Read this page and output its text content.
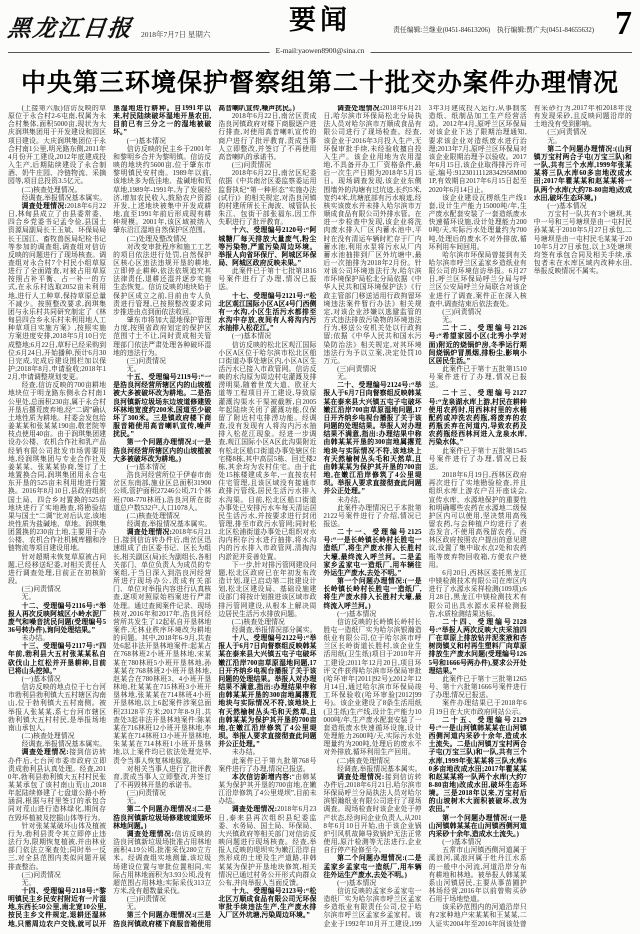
黑龙江日报 2018年7月7日 星期六	要闻
E-mail:yaowen8900@sina.cn
责任编辑:兰继业(0451-84613206)　执行编辑:贾广夫(0451-84655632) 7
中央第三环境保护督察组第二十批交办案件办理情况

(上接第六版)信访反映的草原位于永合村2-6屯南,权属为永合村集体,面积5000亩,现状为大庆润琪集团用于开发建设和园区项目建设。大庆润琪集团位于永合村南1公里,明光路东侧,2011年4月份开工建设,2012年底建成投入生产,后期陆续建设了永合制酒、奶牛庄园、冷链物流、采摘园等,项目总投资3.5亿元。

(二)核查处理情况。

经调查,举报情况基本属实。

调查处理情况:2018年6月22日,林甸县成立了由县委常委、四合乡党委书记孟令俭,县国土资源局副局长王玉斌、环保局局长王国江、畜牧兽医局纪检书记等参加的调查组,调查组对信访反映的问题进行了现场核查。调查组对永合村7个村民小组草原进行了全面踏查,对被占用草原按照占补平衡、占一补一的方式,在永乐村选取2052亩未利用地,进行人工种草,保持草原总量不减少。按照整改要求,润琪集团与永乐村共同研究制定了《林甸县四合乡永乐村未利用地人工种草项目实施方案》,按照实施方案进度安排,2018年5月10日完成整地;6月22日,草籽已经采购到位;6月24日,开始播种,预计6月30日完成,完成后建设围栏加以保护;2018年8月,申请验收;2018年12月,申请调整规划变更。

经查,信访反映的700亩耕地地块位于明龙路东侧永合村南1公里处,总面积230亩,属于永合村开垦后撂荒废弃地,经“二调”确认土地性质为耕地。村委会发包给姜某某和张某某190亩,敬老院等枝点使用40亩。由于润琪集团建设办公楼、农机合作社和乳产品经销有限公司批发市场需要用地,经润琪集团与专业合作社及姜某某、张某某协商,签订了土地置换合同,润琪集团用永合屯东开垦的525亩未利用地进行置换。2016年8月10日,县政府组织国土局、四合乡对置换的525亩地块进行了实地勘查,将勘验结果与国土“二调”比对后认定,该地块性质为盐碱地、草地。润琪集团置换的230亩土地,主要用于办公楼、农机合作社机械库棚和冷链物流等项目建设用地。

针对超期未恢复草原被占问题,已经移送纪委,对相关责任人进行调查处理,目前正在初核阶段。

(三)问责情况

无。

十二、受理编号2116号:“举报人再次反映阿城区小岭水泥厂废气和噪音扰民问题(受理编号536号转办件),询问处理结果。”

未办结。

十三、受理编号2117号:“四年前,勃利县大五村张某某私自砍伐山上红松并开垦耕种,目前已将山头挖掉。”

(一)基本情况

信访反映的地点位于七台河市勃利县勃利镇大五村辖区沟南山,位于勃利镇大五村南侧。被举报人张某某,系七台河市辖区勃利镇大五村村民,是举报场地南山承包人。

(二)核查处理情况

经调查,举报情况基本属实。

调查处理情况:接到信访转办件后,七台河市委市政府立即责成勃利县认真处理。经查,2010年,勃利县勃利镇大五村村民张某某承包了该村南山荒山,2018年起陆续修建了七盘道公路小桥涵洞,根据与村里签订的承包合同对荒山进行造林绿化,期间存在毁坏植被及挖掘山体等行为。

针对张某某破坏山体及植被行为,勃利县责令其立即停止违法行为,限期恢复植被,并由林业部门依法立案查处;同时举一反三,对全县范围内类似问题开展排查整治。

(三)问责情况

无。

十四、受理编号2118号:“黎明镇民主乡民安村附近有一片湿地,东西长50公里,南北宽10公里,按民主乡文件规定,退耕还湿林地,只需周边农户交钱,就可以开垦湿地进行耕种。自1991年以来,村民陆续破坏湿地开垦农田,目前已有三分之一的湿地被破坏。”

(一)基本情况

信访反映的民主乡于2001年和黎明乡合并为黎明镇。信访反映的地块约5600亩,位于肇东市黎明镇民安村南。1989年以前,该地块多为低洼地、盐碱地和荒草地,1989年-1991年,为了发展经济,增加农民收入,鼓励农户资源开发,上述地块被集中开发成耕地,直至1991年前后形成现有耕种规模。2001年,该区域被纳入肇东沿江湿地自然保护区范围。

(二)处理及整改情况

对改变审批程序和施工工艺的项目依法进行处罚,自然保护区核心区违法违规开垦的耕地,立即停止耕种,依法依规追究其法律责任,退耕还湿并逐步实施生态恢复。信访反映的地块始于保护区成立之前,目前由专人负责进行管理,已按照整改要求同步推进由点到面依法收回。

肇东市将加大湿地保护管理力度,按照省政府划定的保护区范围寸土不让,同时责成相关管理部门依法严肃处理各种破坏湿地的违法行为。

(三)问责情况

无。

十五、受理编号2119号:“一是浩良河经营所辖区内的山坡植被大多被破坏改为耕地。二是浩良河镇新垃圾场东边坡道修建毁坏林地宽度约200米,国道至少破坏了300米。三是镇政府楼下商服音箱使用高音喇叭宣传,噪声扰民。”

第一个问题办理情况:(一是浩良河经营所辖区内的山坡植被大多被破坏改为耕地。)

(一)基本情况

浩良河经营所位于伊春市南岔区东南部,施业区总面积31900公顷,管护面积27246公顷,71个林班(708-770林班),浩良河所在街道总户数532户,人口1078人。

(二)核查处理情况

经调查,举报情况基本属实。

调查处理情况:2018年6月21日,接到信访转办件后,南岔区迅速组成了由区委书记、区长为组长,相关副区(局)长为副组长,各相关部门、单位负责人为成员的专案组,于当日深入到浩良河经营所进行现场办公,责成有关部门、单位对举报内容进行认真核查,逐项对照原始档案进行严肃处理。通过查阅案件记录、现场核对,2016年和2017年,浩良河经营所共发生了12起私自开垦林地案件,无林业秩序环境改为耕地的问题。其中,2018年6-9月,共查处6起非法开垦林地案件:起某占在768林班2小班开垦林地,宋某某在780林班5小班开垦林地,孙某某在768林班2小班开垦林地,赵某合在780林班3、4小班开垦林地,杜某某在715林班3小班开垦林地,张某某在714林班4小班开垦林地,以上6起案件涉案总面积23128平方米;2017年8-9月,共查处3起非法开垦林地案件:陈某某在716林班12小班开垦林地,李某某在714林班13小班开垦林地,朱某某在714林班1小班开垦林地,以上案件均已依法处理完毕,责令当事人恢复林地原貌。

对相关当事人进行了批评教育,责成当事人立即整改,并签订了不再毁林开垦的承诺书。

(三)问责情况

无。

第二个问题办理情况:(二是浩良河镇新垃圾场修建坡道毁坏林地问题。)

调查处理情况:信访反映的浩良河镇新垃圾场批准占用林地面积4.19公顷,批准采伐280立方米。经调查组实地测量,该垃圾场建设位置与审批位置相同,实际占用林地面积为3.93公顷,没有超范围占用林地;实际采伐313立方米,没有超数量采伐。

(三)问责情况

无。

第三个问题办理情况:(三是浩良河镇政府楼下商服音箱使用高音喇叭宣传,噪声扰民。)

2018年6月22日,南岔区责成浩良河镇政府对楼下商服逐户进行排查,对使用高音喇叭宣传的商户进行了批评教育,责成当事人立即整改,并签订了不再使用高音喇叭的承诺书。

(三)问责情况

2018年6月22日,南岔区纪委依据《中共南岔区委监察委运用监督执纪“第一种形态”实施办法(试行)》的相关规定,对浩良河镇的村建所所长王海波、城管队长朱江、包街干部张福东,因工作失职进行了批评教育。

十六、受理编号2120号:“阿城糖厂每天排放大量废气,粉尘等污染物,严重污染周边环境。举报人向省环保厅、阿城区环保局、阿城区政府反映未果。”

此案件已于第十七批第1816号案件进行了办理,情况已报送。

十七、受理编号2121号:“松北区观江国际小区A区4号门西侧有一水沟,小区生活污水都排至水沟中存放,夜间有人将沟内污水抽排入松花江。”

(一)基本情况

信访反映的松北区观江国际小区A区位于哈尔滨市松北区船口街道办事处辖区内,小区A区生活污水已接入市政管网。信访反映的水沟原为周边村屯灌溉及排涝明渠,随着世茂大道、欧亚大道等工程项目开工建设,导致原灌溉沟渠水干渠被截断,自2005年起陆续关闭了灌溉功能,仅保留了附近村屯排涝功能。经调查,没有发现有人将沟内污水抽排入松花江现象。经进一步调查,观江国际小区A区此沟渠附近有松北区船口街道办事处辖区住宅楼8栋,其中高层5栋、回迁楼2栋,其余均为农村住宅。由于此处15栋楼建成多年,一直按农村住宅管理,且该区域没有接通市政排污管线,居民生活污水排入水沟渠。目前,松北区船口街道办事处已安排污水车每天清运居民生活污水,并按要求进行封闭管理,排至市政污水管网;同时松北区松浦街道办事处已组织对水沟内积存污水进行抽排,将水沟内的污水排入市政管网,清掏沟内淤泥并妥善处置。

下一步,针对排污管网建设问题,松北区政府已在年初发布改造计划,现已启动第二批建设计划,松北区建设局、基础设施建设部门将按计划推进该区域市政排污管网建设,从根本上解决周边居民生活污水排放问题。

(二)核查处理情况

经调查,举报情况部分属实。

十八、受理编号2122号:“举报人于6月7日向督察组反映韩某某在泰来县大兴镇五屯子屯破坏嫩江沿岸700亩草原湿地问题,17日开齐纳乡电视台播报了关于该问题的处理结果。举报人对办理结果不满意,指出:办理结果中称由韩某某开垦的300亩地属撂荒地块与实际情况不符,该地块上有天然榆树丛头毛和天然草,且由韩某某为保护其开垦的700亩地,在嫩江沿岸修筑了4公里堤坝。举报人要求直接彻查此问题并公正处理。”

未办结。

此案件已于第九批第768号案件进行了办理,情况已报送。

本次信访新增内容:“由韩某某为保护其开垦的700亩地,在嫩江沿岸修筑了4公里堤坝”,目前未办结。

调查处理情况:2018年6月23日,泰来县再次组织县纪委监委、水务局、国土局、环保局、大兴镇政府等相关部门对信访反映问题进行现场核查。经查,举报人反映的堤坝实为嫩江沿岸自然形成的土埂及生产道路,非韩某某为保护开垦地块修筑,相关情况已通过村务公开形式向群众公布,并向举报人当面反馈。

十九、受理编号2123号:“松北区万顺成食品有限公司无环保审批手续违法生产,生产废水排入厂区外坑塘,污染周边环境。”

调查处理情况:2018年6月21日,哈尔滨市环保局松北分局执法人员对哈尔滨市万顺成食品有限公司进行了现场检查。经查,该企业于2016年3月投入生产,无环保审批手续,未经验收擅自投入生产。该企业用地为农用湿地,不具备开办工厂资格条件,最后一次生产日期为2018年5月15日。现场调查发现,该企业东侧围墙外的沟塘有过坑迹,长约5米,宽约4米,坑塘底部有污水痕迹,经核实该废水并未排入哈尔滨市万顺成食品有限公司外排水管。在进一步检查中发现,该企业将洗肉废水排入厂区内蓄水池中,平时在没有清运车辆时贮存于厂内蓄水池,利用水泵将污水从厂内蓄水池抽排到厂区外坑塘中,最后一次抽排为2018年2月份。针对该公司环境违法行为,哈尔滨市环境保护局松北分局依据《中华人民共和国环境保护法》《行政主管部门移送适用行政拘留环境违法案件暂行办法》相关规定,对该企业涉嫌以逃避监管的方式违法排放污染物的环境违法行为,移送公安机关处以行政拘留;依据《中华人民共和国水污染防治法》相关规定,对其环境违法行为予以立案,决定处罚10万元。

(三)问责情况

无。

二十、受理编号2124号:“举报人于6月7日向督察组反映韩某某在泰来县大兴镇五屯子屯破坏嫩江沿岸700亩草原湿地问题,17日开齐纳乡电视台播报了关于该问题的处理结果。举报人对办理结果不满意,指出:办理结果中称由韩某某开垦的300亩地属撂荒地块与实际情况不符,该地块上有天然榆树丛头毛和天然草,且由韩某某为保护其开垦的700亩地,在嫩江沿岸修筑了4公里堤坝。举报人要求直接彻查此问题并公正处理。”

未办结。

此案件办理情况已于本批第2122号案件进行了介绍,情况已报送。

二十一、受理编号2125号:“一是长岭镇长岭村长胜屯一造纸厂,将生产废水排入长胜村大壕,最终流入呼兰河。二是孟家乡孟家屯一造纸厂,用车辆往外运生产废水,去处不明。”

第一个问题办理情况:(一是长岭镇长岭村长胜屯一造纸厂,将生产废水排入长胜村大壕,最终流入呼兰河。)

(一)基本情况

信访反映的长岭镇长岭村长胜屯一造纸厂实为哈尔滨银瀚造纸业有限公司,位于哈尔滨市呼兰区长岭街道长胜村,该企业生活用纸(卫生纸)项目于2010年开工建设;2011年12月20日,项目环评文件获得哈尔滨市环保局审批(哈环审年[2011]92号);2012年12月14日,通过哈尔滨市环保局竣工环保验收(哈环审验[2012]99号)。该企业建设了8条生活用纸(卫生纸)生产线,设计生产能力10000吨/年,生产废水配套安装了一套造纸废水快速循环设施,设计处理能力2600吨/天,实际污水处理量约为200吨,处理后的废水不对外排放,循环利用生产回用。

(二)核查处理情况

经调查,举报情况基本属实。

调查处理情况:接到信访转办件后,2018年6月21日,哈尔滨市环保局呼兰分局执法人员对哈尔滨银瀚纸业有限公司进行了现场调查。现场检查时该企业处于停产状态,经询问企业负责人,从2018年6月10日开始,由于该企业锅炉引风机故障导致锅炉无法正常使用,原汁检测等无法进行,企业自行停产检修至今。

第二个问题办理情况:(二是孟家乡孟家屯一造纸厂,用车辆往外运生产废水,去处不明。)

(一)基本情况

信访反映的孟家乡孟家屯一造纸厂实为哈尔滨市呼兰区孟家乡造纸业有限责任公司,位于哈尔滨市呼兰区孟家乡孟家村。该企业于1992年10月开工建设,1993年3月建成投入运行,从事制浆造纸、纸制品加工生产经营活动。2012年4月,原呼兰区环保局对该企业下达了限期治理通知,要求该企业对造纸废水进行治理;2013年7月,原呼兰区环保局对该企业限期治理予以验收。2017年6月15日,该企业取得排污许可证,编号:91230111128342958M001P,有效期自2017年6月15日起至2020年6月14日止。

该企业建设瓦楞纸生产线1套,设计生产能力15000吨/年,生产废水配套安装了一套造纸废水快速循环设施,设计处理能力2000吨/天,实际污水处理量约为700吨,处理后的废水不对外排放,循环利用车间回用。

哈尔滨市环保局曾接到有关哈尔滨市呼兰区孟家乡造纸业有限公司的环境信访举报。6月27日,呼兰区环保局呼兰分局与呼兰区公安局呼兰分局联合对该企业进行了调查,案件正在深入核查中,调查结束后依法查处。

(三)问责情况

无。

二十二、受理编号2126号:“希望家园小区(北秀小学对面)附近的烧锅炉房,冬季运行期间烧锅炉冒黑烟,排粉尘,影响小区居民生活。”

此案件已于第十五批第1510号案件进行了办理,情况已报送。

二十三、受理编号2127号:“龙泉湖水库上游,村民在耕种使用农药时,用西林村里的水桶配药或冲洗农药瓶,将废弃的农药瓶丢弃在河道内,导致农药及农药瓶经西林河进入龙泉水库,污染水体。”

此案件已于第十五批第1545号案件进行了办理,情况已报送。

2018年6月19日,西林区政府再次进行了实地勘验检查,并且组织水库上游农户召开座谈会,宣传水库、水源地保护的重要性和明确哪些农药在水源地二级保护区内可以使用,坚决禁用高残留农药,与会种植户均进行了表态发言,不使用高残留农药。西林区政府按照农户提出的意见建议,设置了集中取水点2处和农药瓶等废弃物回收箱,方便农户使用。

6月20日,西林区委托黑龙江中镁检测技术有限公司在库区内进行了水源水采样检测(109项);6月28日,黑龙江中镁检测技术有限公司出具水源水采样检测报告,水质检测结果达标。

二十四、受理编号2128号:“举报人两次反映大庆采油四厂在草原上排放钻井泥浆液和杏树岗镇义和村再生塑料厂向草原排放生产废水问题(受理编号1265号和1666号两办件),要求公开处理结果。”

此案件已于第十三批第1265号、第十六批第1666号案件进行了办理,情况已报送。

案件办理结果已于2018年6月19日在大庆市政府网站公示。

二十五、受理编号2129号:“一是山河镇韩某某在山河镇西侧河道内采砂十余年,造成水土流失。二是山河镇万宝村两合子屯(万宝三队)和一队,共有三个水库,1999年张某某将三队水库60多亩地改成水田;2017年瞿某某和赵某某将一队两个水库(大约78-80亩地)改成水田,破坏生态环境。三是2018年以来,万宝村后的山坡树木大面积被破坏,改为农田。”

第一个问题办理情况:(一是山河镇韩某某在山河镇西侧河道内采砂十余年,造成水土流失。)

(一)基本情况

五常市山河镇西侧河道属于溪浪河,溪浪河属于牡丹江水系的一般中小河流,河道沿岸分布有耕地和林地。被举报人韩某某系山河镇居民,主要从事苗圃护林场经营,2016年以前曾购买砂石用于场地垫道。

该采砂范围内的河道沿岸只有2家种地户宋某某和王某某,二人证实2004年至2016年间该处曾有采砂行为,2017年和2018年没有发现采砂,且反映问题沿岸的土地没有受到影响。

(三)问责情况

无。

第二个问题办理情况:(山河镇万宝村两合子屯(万宝三队)和一队,共有三个水库,1999年张某某将三队水库60多亩地改成水田;2017年瞿某某和赵某某将一队两个水库(大约78-80亩地)改成水田,破坏生态环境。)

(一)基本情况

万宝村一队共有3个塘坝,其中一号和三号塘坝是由一屯村民孙某某于2010年5月27日承包,二号塘坝是由一屯村民毛某某于2010年5月27日承包,以上3处塘坝均签有承包合同及相关手续,承包者未在水库区域内改种水田,举报反映情况不属实。
